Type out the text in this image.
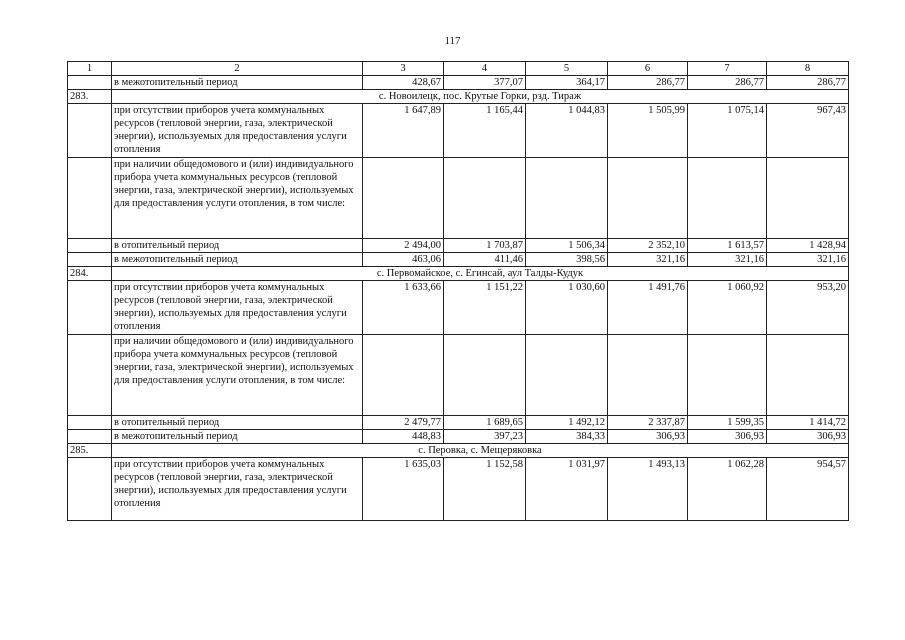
117
1	2	3	4	5	6	7	8
	в межотопительный период	428,67	377,07	364,17	286,77	286,77	286,77
283.	с. Новоилецк, пос. Крутые Горки, рзд. Тираж						
	при отсутствии приборов учета коммунальных ресурсов (тепловой энергии, газа, электрической энергии), используемых для предоставления услуги отопления	1 647,89	1 165,44	1 044,83	1 505,99	1 075,14	967,43
	при наличии общедомового и (или) индивидуального прибора учета коммунальных ресурсов (тепловой энергии, газа, электрической энергии), используемых для предоставления услуги отопления, в том числе:						
	в отопительный период	2 494,00	1 703,87	1 506,34	2 352,10	1 613,57	1 428,94
	в межотопительный период	463,06	411,46	398,56	321,16	321,16	321,16
284.	с. Первомайское, с. Егинсай, аул Талды-Кудук						
	при отсутствии приборов учета коммунальных ресурсов (тепловой энергии, газа, электрической энергии), используемых для предоставления услуги отопления	1 633,66	1 151,22	1 030,60	1 491,76	1 060,92	953,20
	при наличии общедомового и (или) индивидуального прибора учета коммунальных ресурсов (тепловой энергии, газа, электрической энергии), используемых для предоставления услуги отопления, в том числе:						
	в отопительный период	2 479,77	1 689,65	1 492,12	2 337,87	1 599,35	1 414,72
	в межотопительный период	448,83	397,23	384,33	306,93	306,93	306,93
285.	с. Перовка, с. Мещеряковка						
	при отсутствии приборов учета коммунальных ресурсов (тепловой энергии, газа, электрической энергии), используемых для предоставления услуги отопления	1 635,03	1 152,58	1 031,97	1 493,13	1 062,28	954,57
